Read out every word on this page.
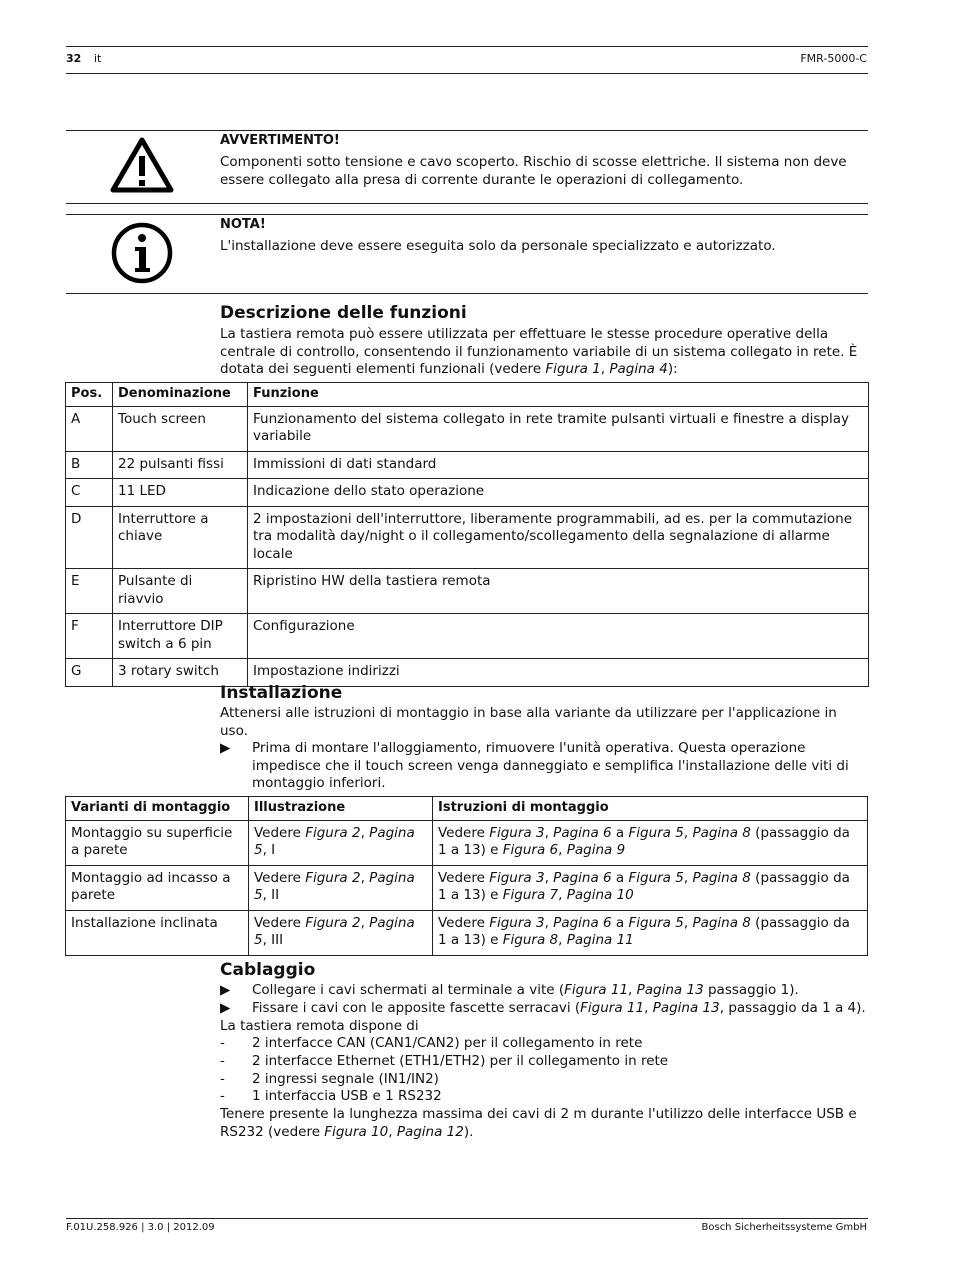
32 it	FMR-5000-C
AVVERTIMENTO!
Componenti sotto tensione e cavo scoperto. Rischio di scosse elettriche. Il sistema non deve essere collegato alla presa di corrente durante le operazioni di collegamento.
NOTA!
L'installazione deve essere eseguita solo da personale specializzato e autorizzato.
Descrizione delle funzioni
La tastiera remota può essere utilizzata per effettuare le stesse procedure operative della centrale di controllo, consentendo il funzionamento variabile di un sistema collegato in rete. È dotata dei seguenti elementi funzionali (vedere Figura 1, Pagina 4):
Pos.	Denominazione	Funzione
A	Touch screen	Funzionamento del sistema collegato in rete tramite pulsanti virtuali e finestre a display variabile
B	22 pulsanti fissi	Immissioni di dati standard
C	11 LED	Indicazione dello stato operazione
D	Interruttore a chiave	2 impostazioni dell'interruttore, liberamente programmabili, ad es. per la commutazione tra modalità day/night o il collegamento/scollegamento della segnalazione di allarme locale
E	Pulsante di riavvio	Ripristino HW della tastiera remota
F	Interruttore DIP switch a 6 pin	Configurazione
G	3 rotary switch	Impostazione indirizzi
Installazione
Attenersi alle istruzioni di montaggio in base alla variante da utilizzare per l'applicazione in uso.
▶ Prima di montare l'alloggiamento, rimuovere l'unità operativa. Questa operazione impedisce che il touch screen venga danneggiato e semplifica l'installazione delle viti di montaggio inferiori.
Varianti di montaggio	Illustrazione	Istruzioni di montaggio
Montaggio su superficie a parete	Vedere Figura 2, Pagina 5, I	Vedere Figura 3, Pagina 6 a Figura 5, Pagina 8 (passaggio da 1 a 13) e Figura 6, Pagina 9
Montaggio ad incasso a parete	Vedere Figura 2, Pagina 5, II	Vedere Figura 3, Pagina 6 a Figura 5, Pagina 8 (passaggio da 1 a 13) e Figura 7, Pagina 10
Installazione inclinata	Vedere Figura 2, Pagina 5, III	Vedere Figura 3, Pagina 6 a Figura 5, Pagina 8 (passaggio da 1 a 13) e Figura 8, Pagina 11
Cablaggio
▶ Collegare i cavi schermati al terminale a vite (Figura 11, Pagina 13 passaggio 1).
▶ Fissare i cavi con le apposite fascette serracavi (Figura 11, Pagina 13, passaggio da 1 a 4).
La tastiera remota dispone di
- 2 interfacce CAN (CAN1/CAN2) per il collegamento in rete
- 2 interfacce Ethernet (ETH1/ETH2) per il collegamento in rete
- 2 ingressi segnale (IN1/IN2)
- 1 interfaccia USB e 1 RS232
Tenere presente la lunghezza massima dei cavi di 2 m durante l'utilizzo delle interfacce USB e RS232 (vedere Figura 10, Pagina 12).
F.01U.258.926 | 3.0 | 2012.09	Bosch Sicherheitssysteme GmbH
